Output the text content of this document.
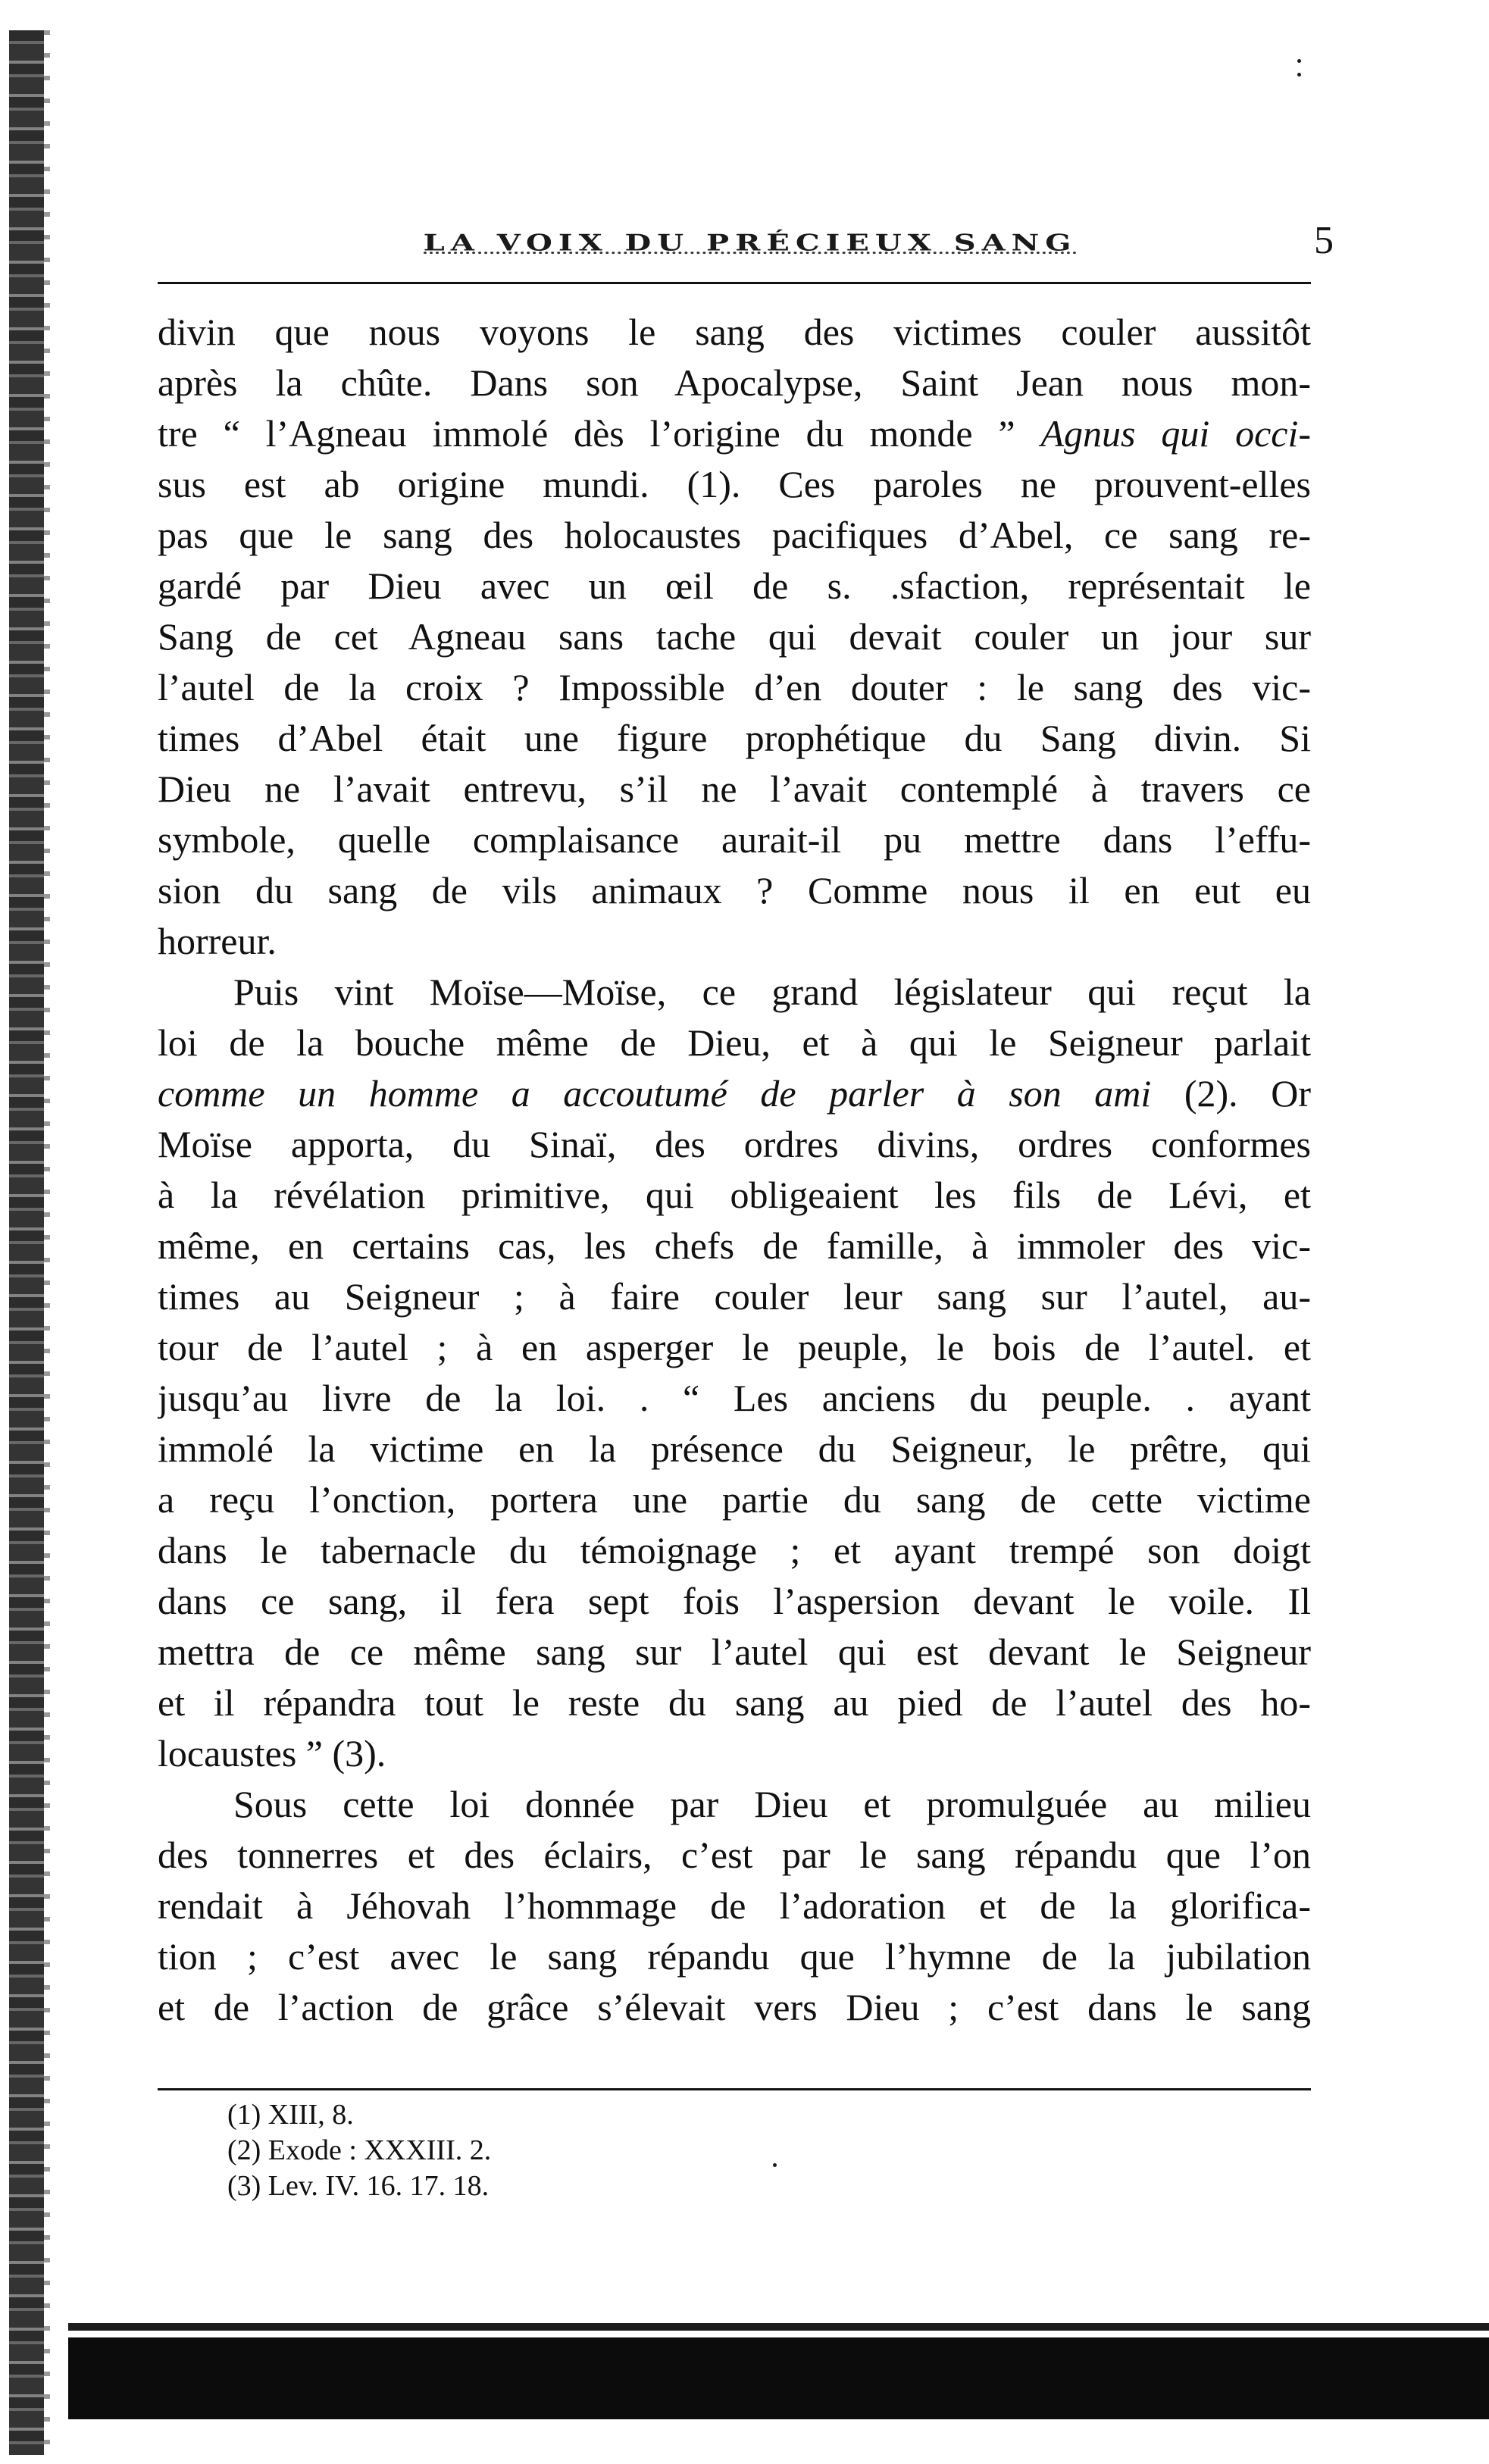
LA VOIX DU PRÉCIEUX SANG	5
divin que nous voyons le sang des victimes couler aussitôt
après la chûte. Dans son Apocalypse, Saint Jean nous mon-
tre “ l’Agneau immolé dès l’origine du monde ” Agnus qui occi-
sus est ab origine mundi. (1). Ces paroles ne prouvent-elles
pas que le sang des holocaustes pacifiques d’Abel, ce sang re-
gardé par Dieu avec un œil de s. .sfaction, représentait le
Sang de cet Agneau sans tache qui devait couler un jour sur
l’autel de la croix ? Impossible d’en douter : le sang des vic-
times d’Abel était une figure prophétique du Sang divin. Si
Dieu ne l’avait entrevu, s’il ne l’avait contemplé à travers ce
symbole, quelle complaisance aurait-il pu mettre dans l’effu-
sion du sang de vils animaux ? Comme nous il en eut eu
horreur.
Puis vint Moïse—Moïse, ce grand législateur qui reçut la
loi de la bouche même de Dieu, et à qui le Seigneur parlait
comme un homme a accoutumé de parler à son ami (2). Or
Moïse apporta, du Sinaï, des ordres divins, ordres conformes
à la révélation primitive, qui obligeaient les fils de Lévi, et
même, en certains cas, les chefs de famille, à immoler des vic-
times au Seigneur ; à faire couler leur sang sur l’autel, au-
tour de l’autel ; à en asperger le peuple, le bois de l’autel. et
jusqu’au livre de la loi. . “ Les anciens du peuple. . ayant
immolé la victime en la présence du Seigneur, le prêtre, qui
a reçu l’onction, portera une partie du sang de cette victime
dans le tabernacle du témoignage ; et ayant trempé son doigt
dans ce sang, il fera sept fois l’aspersion devant le voile. Il
mettra de ce même sang sur l’autel qui est devant le Seigneur
et il répandra tout le reste du sang au pied de l’autel des ho-
locaustes ” (3).
Sous cette loi donnée par Dieu et promulguée au milieu
des tonnerres et des éclairs, c’est par le sang répandu que l’on
rendait à Jéhovah l’hommage de l’adoration et de la glorifica-
tion ; c’est avec le sang répandu que l’hymne de la jubilation
et de l’action de grâce s’élevait vers Dieu ; c’est dans le sang
(1) XIII, 8.
(2) Exode : XXXIII. 2.
(3) Lev. IV. 16. 17. 18.
